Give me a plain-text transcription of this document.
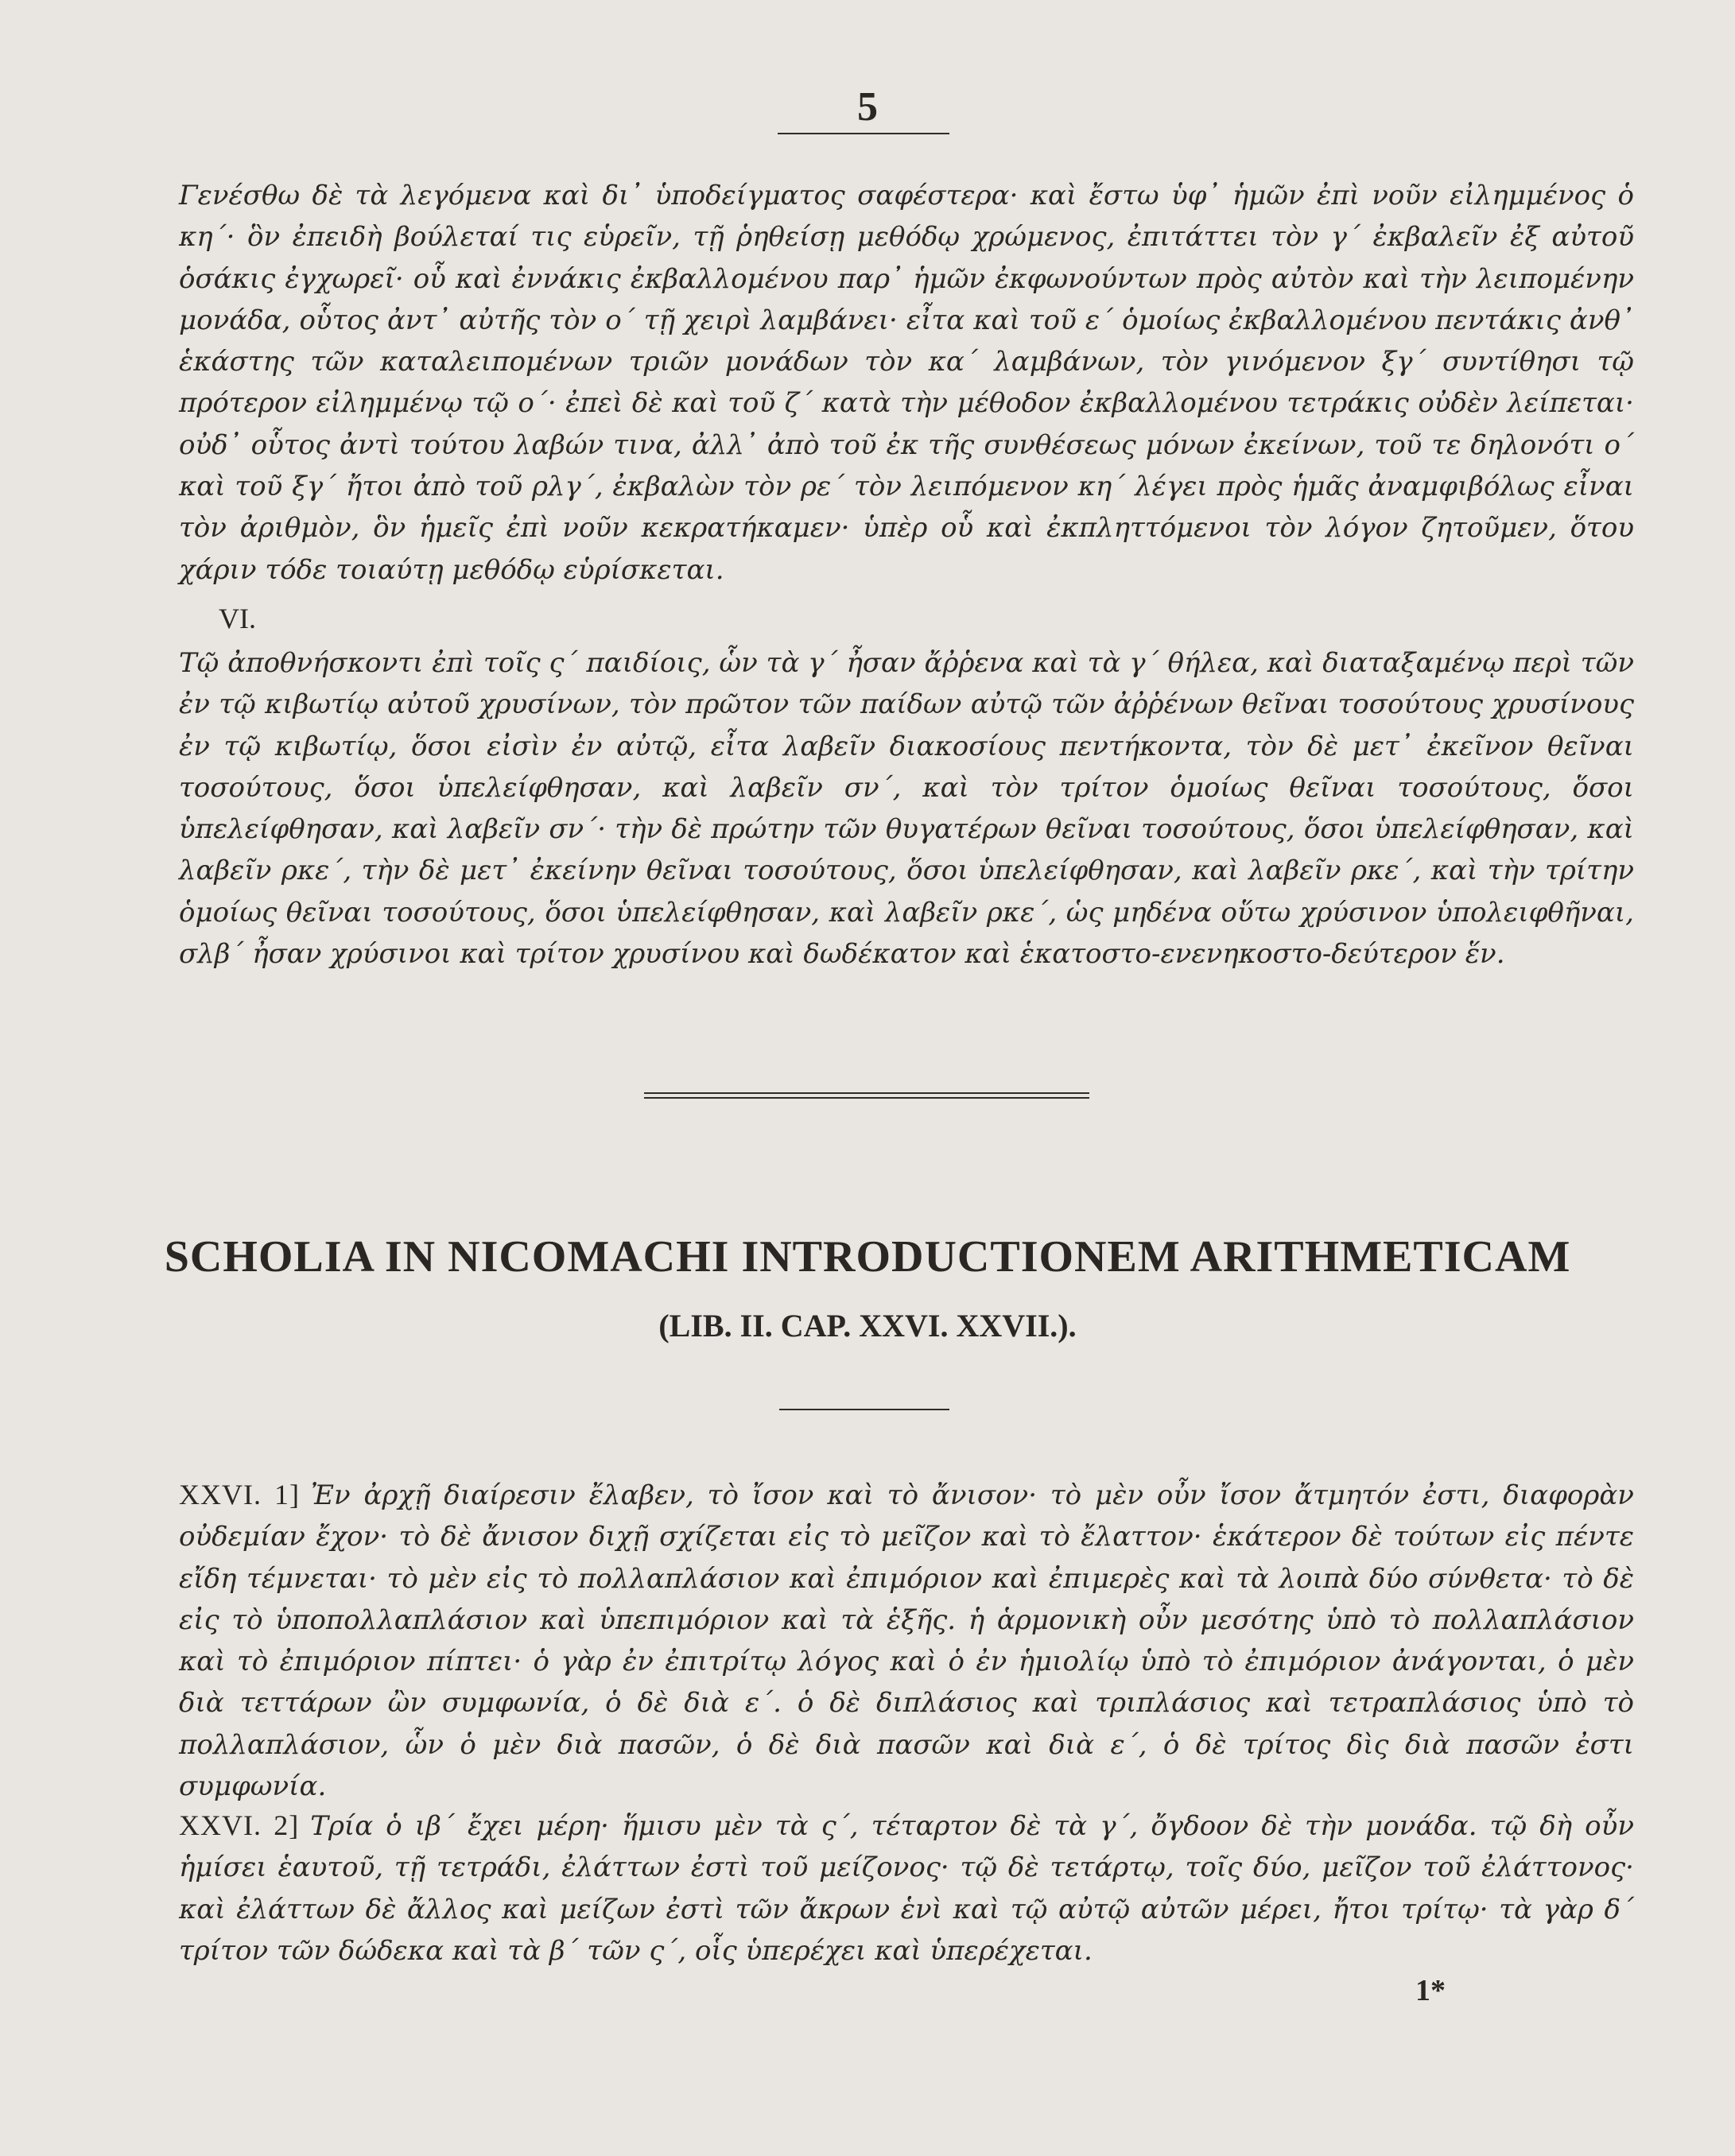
5

Γενέσθω δὲ τὰ λεγόμενα καὶ δι᾽ ὑποδείγματος σαφέστερα· καὶ ἔστω ὑφ᾽ ἡμῶν ἐπὶ νοῦν εἰλημμένος ὁ κη΄· ὃν ἐπειδὴ βούλεταί τις εὑρεῖν, τῇ ῥηθείσῃ μεθόδῳ χρώμενος, ἐπιτάττει τὸν γ΄ ἐκβαλεῖν ἐξ αὐτοῦ ὁσάκις ἐγχωρεῖ· οὗ καὶ ἐννάκις ἐκβαλλομένου παρ᾽ ἡμῶν ἐκφωνούντων πρὸς αὐτὸν καὶ τὴν λειπομένην μονάδα, οὗτος ἀντ᾽ αὐτῆς τὸν ο΄ τῇ χειρὶ λαμβάνει· εἶτα καὶ τοῦ ε΄ ὁμοίως ἐκβαλλομένου πεντάκις ἀνθ᾽ ἑκάστης τῶν καταλειπομένων τριῶν μονάδων τὸν κα΄ λαμβάνων, τὸν γινόμενον ξγ΄ συντίθησι τῷ πρότερον εἰλημμένῳ τῷ ο΄· ἐπεὶ δὲ καὶ τοῦ ζ΄ κατὰ τὴν μέθοδον ἐκβαλλομένου τετράκις οὐδὲν λείπεται· οὐδ᾽ οὗτος ἀντὶ τούτου λαβών τινα, ἀλλ᾽ ἀπὸ τοῦ ἐκ τῆς συνθέσεως μόνων ἐκείνων, τοῦ τε δηλονότι ο΄ καὶ τοῦ ξγ΄ ἤτοι ἀπὸ τοῦ ρλγ΄, ἐκβαλὼν τὸν ρε΄ τὸν λειπόμενον κη΄ λέγει πρὸς ἡμᾶς ἀναμφιβόλως εἶναι τὸν ἀριθμὸν, ὃν ἡμεῖς ἐπὶ νοῦν κεκρατήκαμεν· ὑπὲρ οὗ καὶ ἐκπληττόμενοι τὸν λόγον ζητοῦμεν, ὅτου χάριν τόδε τοιαύτῃ μεθόδῳ εὑρίσκεται.

VI.

Τῷ ἀποθνήσκοντι ἐπὶ τοῖς ς΄ παιδίοις, ὧν τὰ γ΄ ἦσαν ἄῤῥενα καὶ τὰ γ΄ θήλεα, καὶ διαταξαμένῳ περὶ τῶν ἐν τῷ κιβωτίῳ αὐτοῦ χρυσίνων, τὸν πρῶτον τῶν παίδων αὐτῷ τῶν ἀῤῥένων θεῖναι τοσούτους χρυσίνους ἐν τῷ κιβωτίῳ, ὅσοι εἰσὶν ἐν αὐτῷ, εἶτα λαβεῖν διακοσίους πεντήκοντα, τὸν δὲ μετ᾽ ἐκεῖνον θεῖναι τοσούτους, ὅσοι ὑπελείφθησαν, καὶ λαβεῖν σν΄, καὶ τὸν τρίτον ὁμοίως θεῖναι τοσούτους, ὅσοι ὑπελείφθησαν, καὶ λαβεῖν σν΄· τὴν δὲ πρώτην τῶν θυγατέρων θεῖναι τοσούτους, ὅσοι ὑπελείφθησαν, καὶ λαβεῖν ρκε΄, τὴν δὲ μετ᾽ ἐκείνην θεῖναι τοσούτους, ὅσοι ὑπελείφθησαν, καὶ λαβεῖν ρκε΄, καὶ τὴν τρίτην ὁμοίως θεῖναι τοσούτους, ὅσοι ὑπελείφθησαν, καὶ λαβεῖν ρκε΄, ὡς μηδένα οὕτω χρύσινον ὑπολειφθῆναι, σλβ΄ ἦσαν χρύσινοι καὶ τρίτον χρυσίνου καὶ δωδέκατον καὶ ἑκατοστο-ενενηκοστο-δεύτερον ἕν.

SCHOLIA IN NICOMACHI INTRODUCTIONEM ARITHMETICAM
(LIB. II. CAP. XXVI. XXVII.).

XXVI. 1] Ἐν ἀρχῇ διαίρεσιν ἔλαβεν, τὸ ἴσον καὶ τὸ ἄνισον· τὸ μὲν οὖν ἴσον ἄτμητόν ἐστι, διαφορὰν οὐδεμίαν ἔχον· τὸ δὲ ἄνισον διχῇ σχίζεται εἰς τὸ μεῖζον καὶ τὸ ἔλαττον· ἑκάτερον δὲ τούτων εἰς πέντε εἴδη τέμνεται· τὸ μὲν εἰς τὸ πολλαπλάσιον καὶ ἐπιμόριον καὶ ἐπιμερὲς καὶ τὰ λοιπὰ δύο σύνθετα· τὸ δὲ εἰς τὸ ὑποπολλαπλάσιον καὶ ὑπεπιμόριον καὶ τὰ ἑξῆς. ἡ ἁρμονικὴ οὖν μεσότης ὑπὸ τὸ πολλαπλάσιον καὶ τὸ ἐπιμόριον πίπτει· ὁ γὰρ ἐν ἐπιτρίτῳ λόγος καὶ ὁ ἐν ἡμιολίῳ ὑπὸ τὸ ἐπιμόριον ἀνάγονται, ὁ μὲν διὰ τεττάρων ὢν συμφωνία, ὁ δὲ διὰ ε΄. ὁ δὲ διπλάσιος καὶ τριπλάσιος καὶ τετραπλάσιος ὑπὸ τὸ πολλαπλάσιον, ὧν ὁ μὲν διὰ πασῶν, ὁ δὲ διὰ πασῶν καὶ διὰ ε΄, ὁ δὲ τρίτος δὶς διὰ πασῶν ἐστι συμφωνία.

XXVI. 2] Τρία ὁ ιβ΄ ἔχει μέρη· ἥμισυ μὲν τὰ ς΄, τέταρτον δὲ τὰ γ΄, ὄγδοον δὲ τὴν μονάδα. τῷ δὴ οὖν ἡμίσει ἑαυτοῦ, τῇ τετράδι, ἐλάττων ἐστὶ τοῦ μείζονος· τῷ δὲ τετάρτῳ, τοῖς δύο, μεῖζον τοῦ ἐλάττονος· καὶ ἐλάττων δὲ ἄλλος καὶ μείζων ἐστὶ τῶν ἄκρων ἑνὶ καὶ τῷ αὐτῷ αὐτῶν μέρει, ἤτοι τρίτῳ· τὰ γὰρ δ΄ τρίτον τῶν δώδεκα καὶ τὰ β΄ τῶν ς΄, οἷς ὑπερέχει καὶ ὑπερέχεται.

1*
